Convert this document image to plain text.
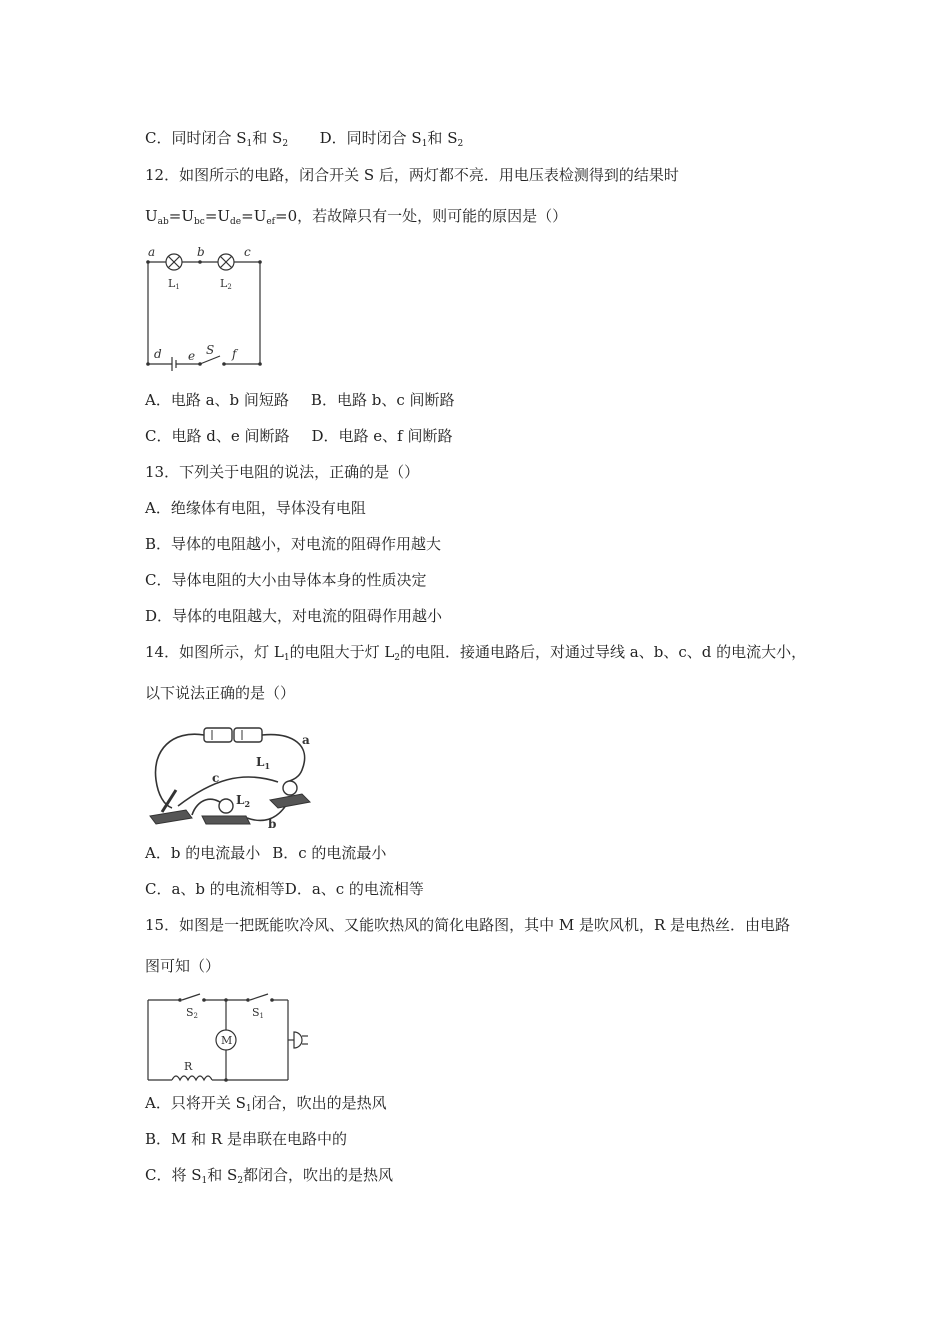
C．同时闭合 $S_1$和 $S_2$ D．同时闭合 $S_1$和 $S_2$
12．如图所示的电路，闭合开关 S 后，两灯都不亮．用电压表检测得到的结果时
$U_{ab}=U_{bc}=U_{de}=U_{ef}=0$，若故障只有一处，则可能的原因是（）
a	b	c
d e S f
L1	L2
A．电路 a、b 间短路 B．电路 b、c 间断路
C．电路 d、e 间断路 D．电路 e、f 间断路
13．下列关于电阻的说法，正确的是（）
A．绝缘体有电阻，导体没有电阻
B．导体的电阻越小，对电流的阻碍作用越大
C．导体电阻的大小由导体本身的性质决定
D．导体的电阻越大，对电流的阻碍作用越小
14．如图所示，灯 $L_1$的电阻大于灯 $L_2$的电阻．接通电路后，对通过导线 a、b、c、d 的电流大小，
以下说法正确的是（）
a
c
b
$L_1$
$L_2$
A．b 的电流最小 B．c 的电流最小
C．a、b 的电流相等D．a、c 的电流相等
15．如图是一把既能吹冷风、又能吹热风的简化电路图，其中 M 是吹风机，R 是电热丝．由电路
图可知（）
S2	S1
M
R
A．只将开关 $S_1$闭合，吹出的是热风
B．M 和 R 是串联在电路中的
C．将 $S_1$和 $S_2$都闭合，吹出的是热风
